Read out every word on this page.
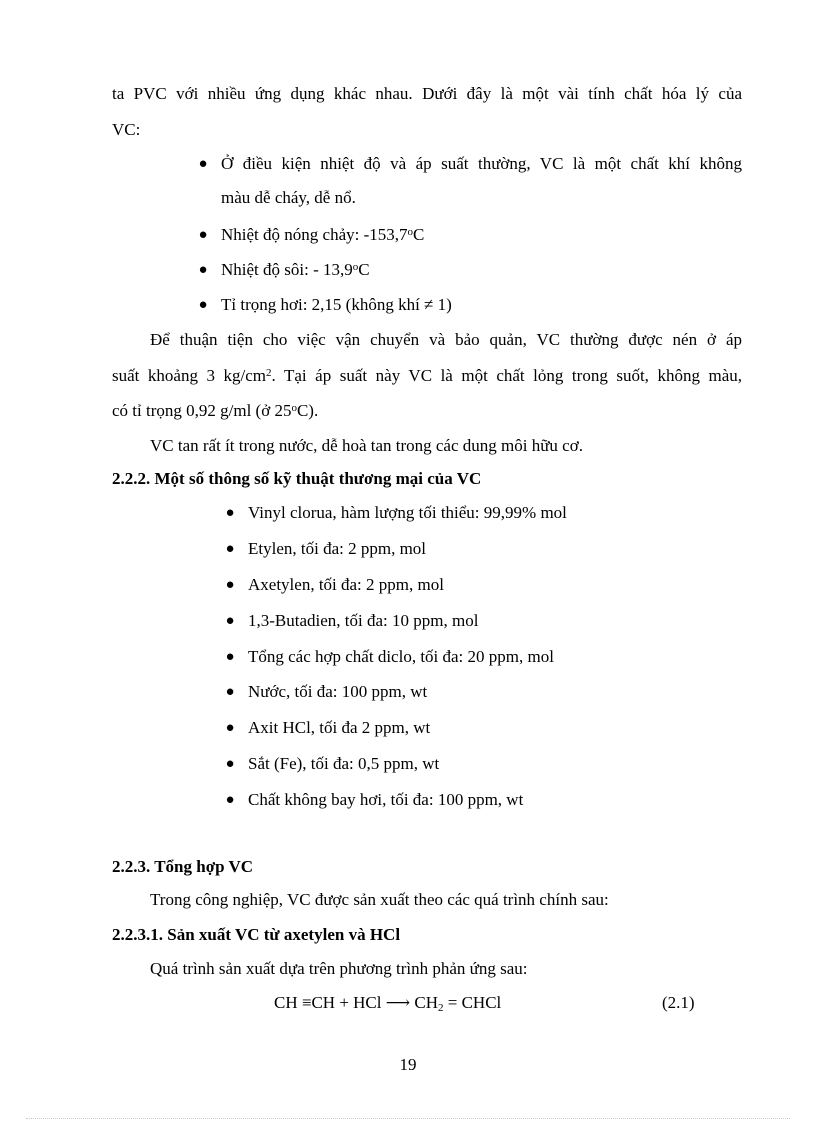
ta PVC với nhiều ứng dụng khác nhau. Dưới đây là một vài tính chất hóa lý của
VC:
● Ở điều kiện nhiệt độ và áp suất thường, VC là một chất khí không
màu dễ cháy, dễ nổ.
● Nhiệt độ nóng chảy: -153,7$^o$C
● Nhiệt độ sôi: - 13,9$^o$C
● Tỉ trọng hơi: 2,15 (không khí ≠ 1)
Để thuận tiện cho việc vận chuyển và bảo quản, VC thường được nén ở áp
suất khoảng 3 $kg/cm^2$. Tại áp suất này VC là một chất lỏng trong suốt, không màu,
có tỉ trọng 0,92 g/ml (ở 25$^o$C).
VC tan rất ít trong nước, dễ hoà tan trong các dung môi hữu cơ.
2.2.2. Một số thông số kỹ thuật thương mại của VC
● Vinyl clorua, hàm lượng tối thiểu: 99,99% mol
● Etylen, tối đa: 2 ppm, mol
● Axetylen, tối đa: 2 ppm, mol
● 1,3-Butadien, tối đa: 10 ppm, mol
● Tổng các hợp chất diclo, tối đa: 20 ppm, mol
● Nước, tối đa: 100 ppm, wt
● Axit HCl, tối đa 2 ppm, wt
● Sắt (Fe), tối đa: 0,5 ppm, wt
● Chất không bay hơi, tối đa: 100 ppm, wt
2.2.3. Tổng hợp VC
Trong công nghiệp, VC được sản xuất theo các quá trình chính sau:
2.2.3.1. Sản xuất VC từ axetylen và HCl
Quá trình sản xuất dựa trên phương trình phản ứng sau:
CH ≡CH + HCl ⟶ $CH_2$ = CHCl	(2.1)
19
